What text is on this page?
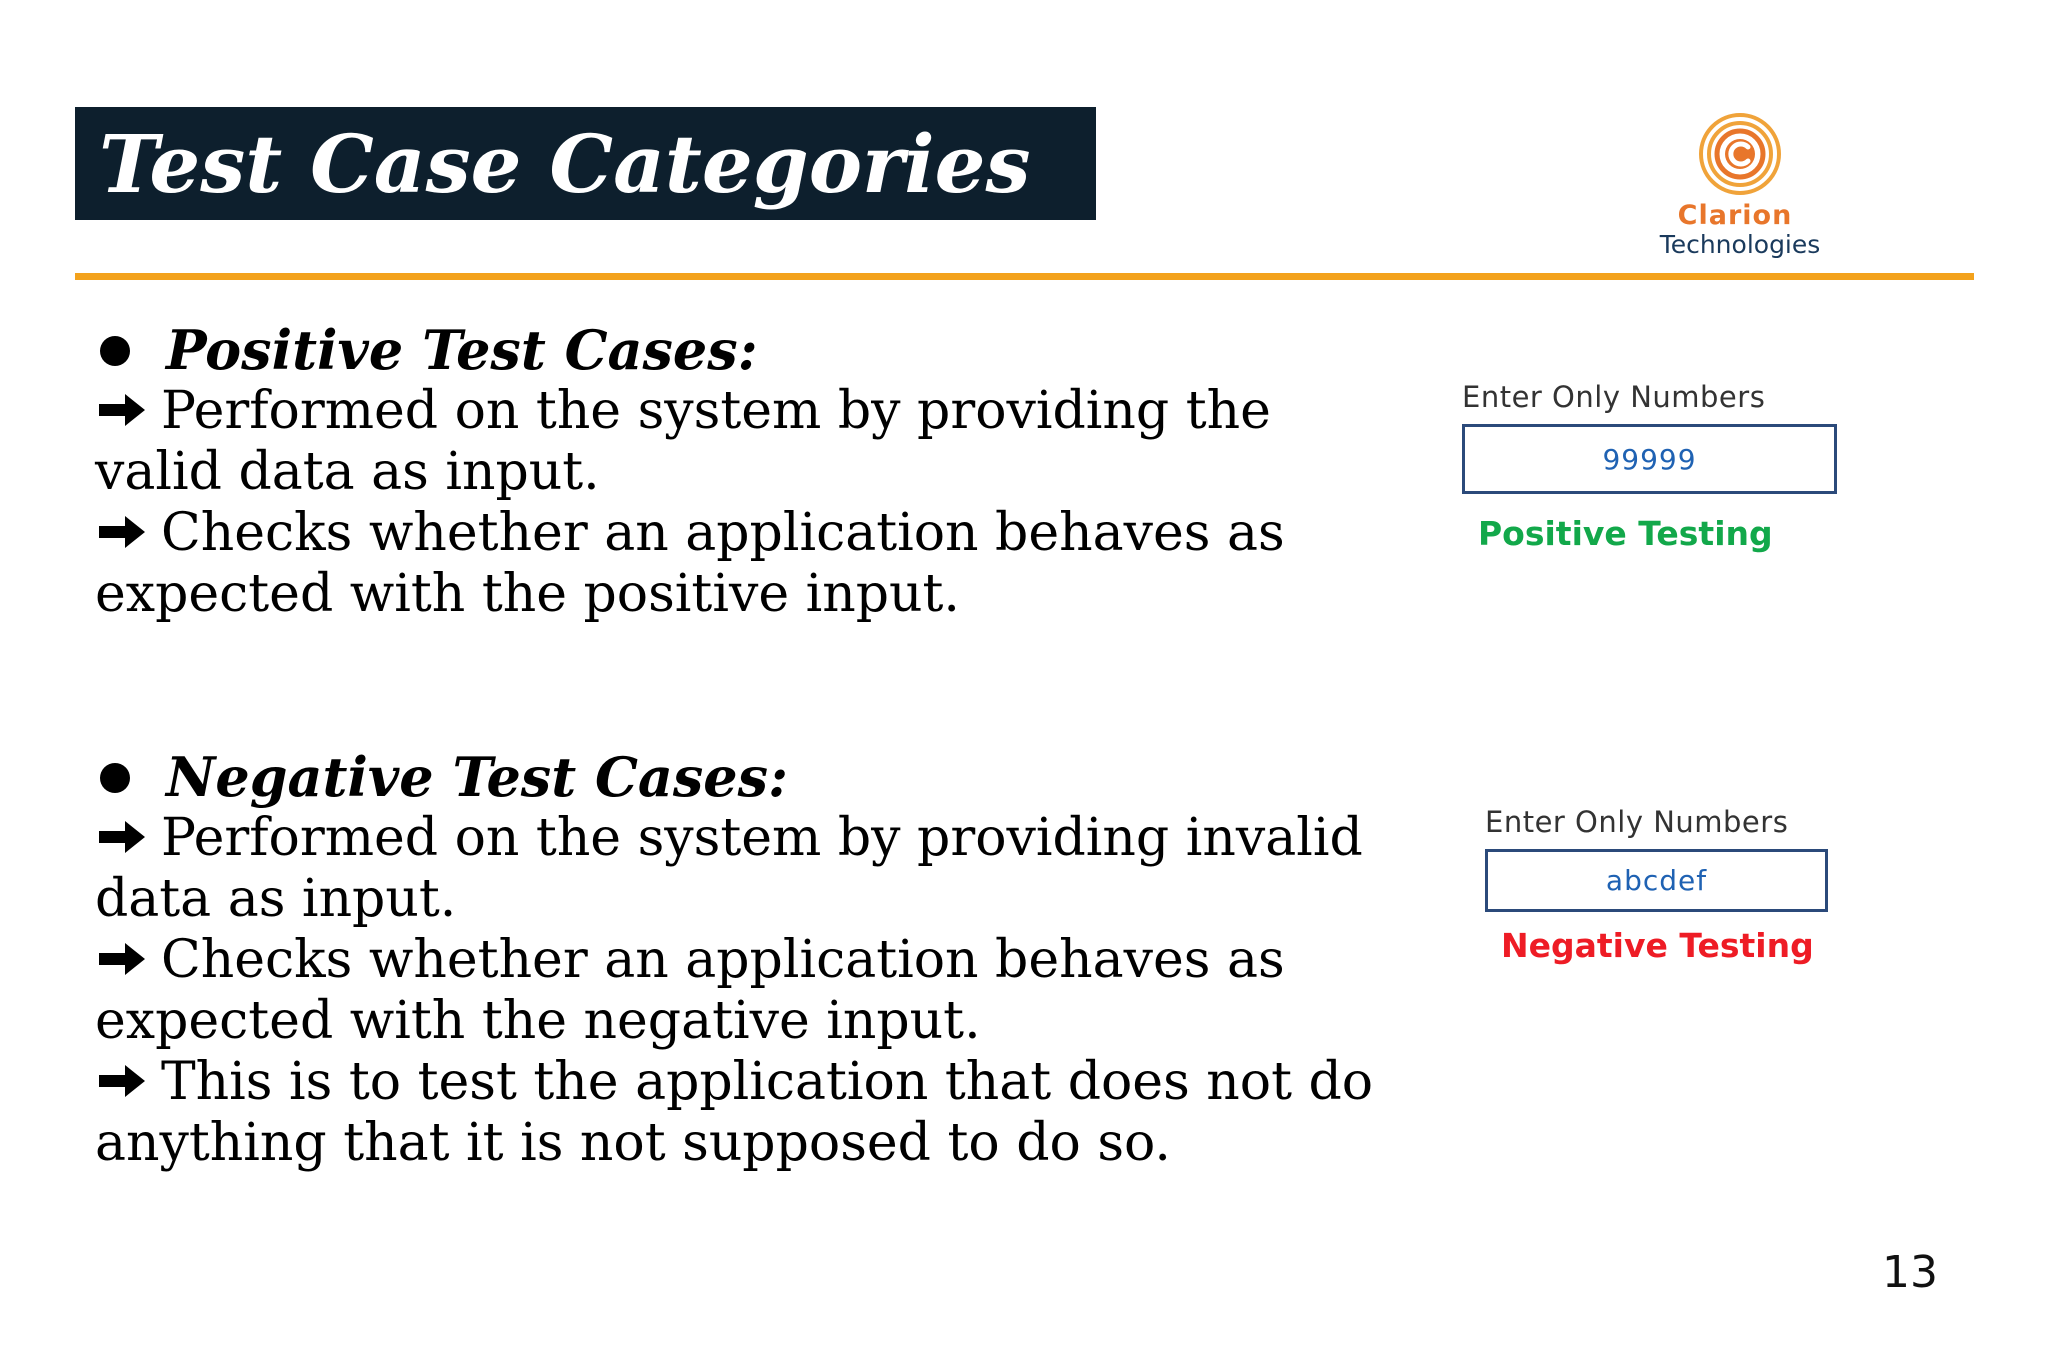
Test Case Categories
Clarion
Technologies
Positive Test Cases:

Performed on the system by providing the valid data as input.

Checks whether an application behaves as expected with the positive input.

Enter Only Numbers
99999
Positive Testing
Negative Test Cases:

Performed on the system by providing invalid data as input.

Checks whether an application behaves as expected with the negative input.

This is to test the application that does not do anything that it is not supposed to do so.

Enter Only Numbers
abcdef
Negative Testing
13
